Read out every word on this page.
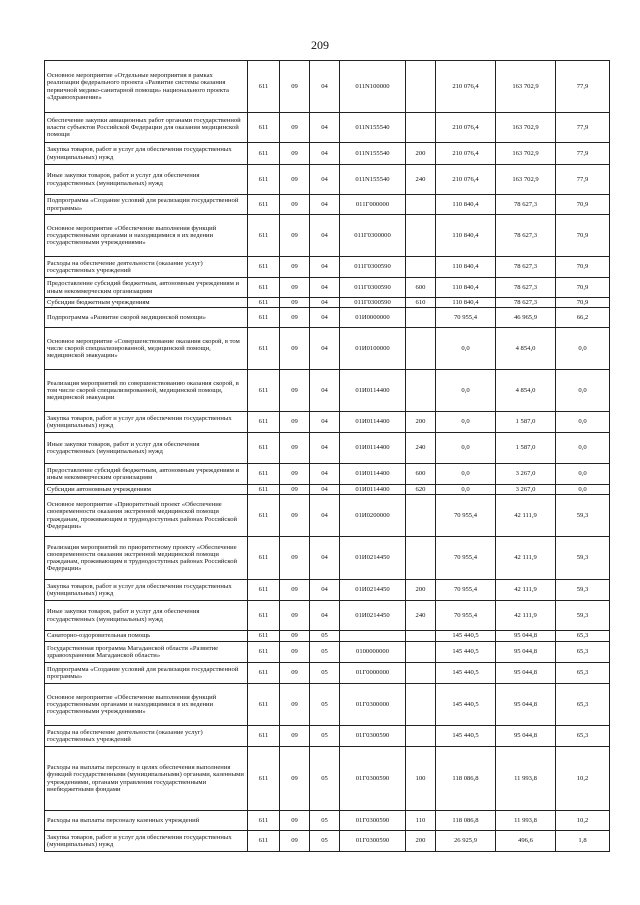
209
Основное мероприятие «Отдельные мероприятия в рамках реализации федерального проекта «Развитие системы оказания первичной медико-санитарной помощи» национального проекта «Здравоохранение»	611	09	04	011N100000		210 076,4	163 702,9	77,9
Обеспечение закупки авиационных работ органами государственной власти субъектов Российской Федерации для оказания медицинской помощи	611	09	04	011N155540		210 076,4	163 702,9	77,9
Закупка товаров, работ и услуг для обеспечения государственных (муниципальных) нужд	611	09	04	011N155540	200	210 076,4	163 702,9	77,9
Иные закупки товаров, работ и услуг для обеспечения государственных (муниципальных) нужд	611	09	04	011N155540	240	210 076,4	163 702,9	77,9
Подпрограмма «Создание условий для реализации государственной программы»	611	09	04	011Г000000		110 840,4	78 627,3	70,9
Основное мероприятие «Обеспечение выполнения функций государственными органами и находящимися в их ведении государственными учреждениями»	611	09	04	011Г0300000		110 840,4	78 627,3	70,9
Расходы на обеспечение деятельности (оказание услуг) государственных учреждений	611	09	04	011Г0300590		110 840,4	78 627,3	70,9
Предоставление субсидий бюджетным, автономным учреждениям и иным некоммерческим организациям	611	09	04	011Г0300590	600	110 840,4	78 627,3	70,9
Субсидии бюджетным учреждениям	611	09	04	011Г0300590	610	110 840,4	78 627,3	70,9
Подпрограмма «Развитие скорой медицинской помощи»	611	09	04	01И0000000		70 955,4	46 965,9	66,2
Основное мероприятие «Совершенствование оказания скорой, в том числе скорой специализированной, медицинской помощи, медицинской эвакуации»	611	09	04	01И0100000		0,0	4 854,0	0,0
Реализация мероприятий по совершенствованию оказания скорой, в том числе скорой специализированной, медицинской помощи, медицинской эвакуации	611	09	04	01И0114400		0,0	4 854,0	0,0
Закупка товаров, работ и услуг для обеспечения государственных (муниципальных) нужд	611	09	04	01И0114400	200	0,0	1 587,0	0,0
Иные закупки товаров, работ и услуг для обеспечения государственных (муниципальных) нужд	611	09	04	01И0114400	240	0,0	1 587,0	0,0
Предоставление субсидий бюджетным, автономным учреждениям и иным некоммерческим организациям	611	09	04	01И0114400	600	0,0	3 267,0	0,0
Субсидии автономным учреждениям	611	09	04	01И0114400	620	0,0	3 267,0	0,0
Основное мероприятие «Приоритетный проект «Обеспечение своевременности оказания экстренной медицинской помощи гражданам, проживающим в труднодоступных районах Российской Федерации»	611	09	04	01И0200000		70 955,4	42 111,9	59,3
Реализация мероприятий по приоритетному проекту «Обеспечение своевременности оказания экстренной медицинской помощи гражданам, проживающим в труднодоступных районах Российской Федерации»	611	09	04	01И0214450		70 955,4	42 111,9	59,3
Закупка товаров, работ и услуг для обеспечения государственных (муниципальных) нужд	611	09	04	01И0214450	200	70 955,4	42 111,9	59,3
Иные закупки товаров, работ и услуг для обеспечения государственных (муниципальных) нужд	611	09	04	01И0214450	240	70 955,4	42 111,9	59,3
Санаторно-оздоровительная помощь	611	09	05			145 440,5	95 044,8	65,3
Государственная программа Магаданской области «Развитие здравоохранения Магаданской области»	611	09	05	0100000000		145 440,5	95 044,8	65,3
Подпрограмма «Создание условий для реализации государственной программы»	611	09	05	01Г0000000		145 440,5	95 044,8	65,3
Основное мероприятие «Обеспечение выполнения функций государственными органами и находящимися в их ведении государственными учреждениями»	611	09	05	01Г0300000		145 440,5	95 044,8	65,3
Расходы на обеспечение деятельности (оказание услуг) государственных учреждений	611	09	05	01Г0300590		145 440,5	95 044,8	65,3
Расходы на выплаты персоналу в целях обеспечения выполнения функций государственными (муниципальными) органами, казенными учреждениями, органами управления государственными внебюджетными фондами	611	09	05	01Г0300590	100	118 086,8	11 993,8	10,2
Расходы на выплаты персоналу казенных учреждений	611	09	05	01Г0300590	110	118 086,8	11 993,8	10,2
Закупка товаров, работ и услуг для обеспечения государственных (муниципальных) нужд	611	09	05	01Г0300590	200	26 925,9	496,6	1,8
